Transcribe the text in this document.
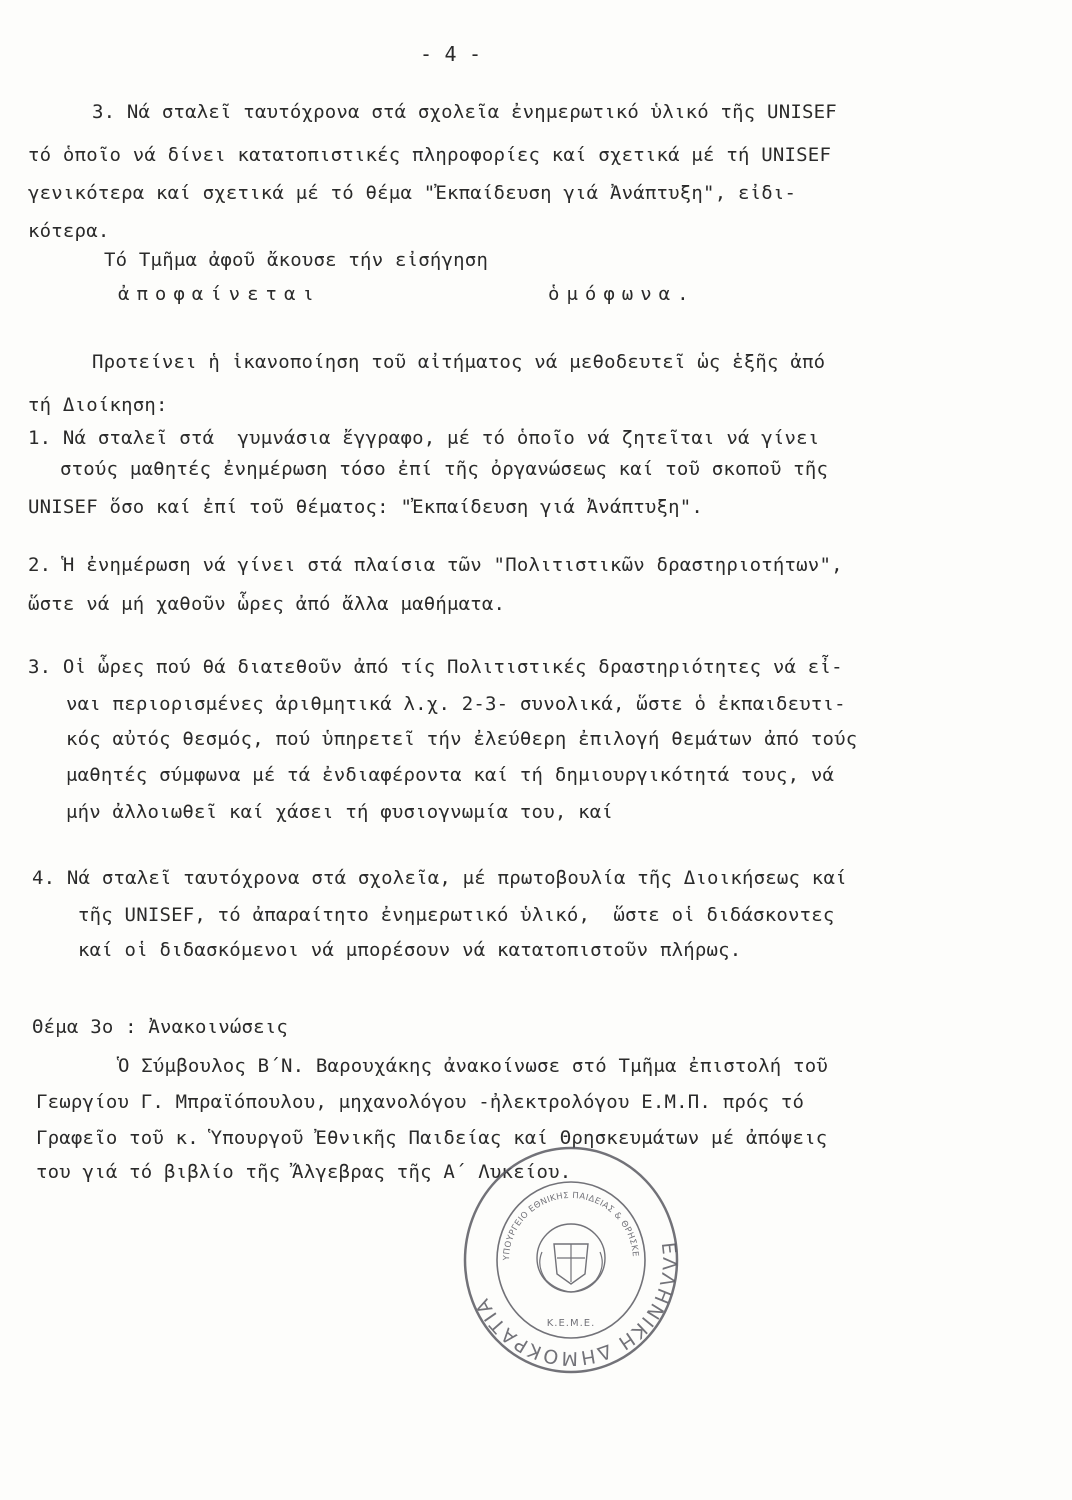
- 4 -
3. Νά σταλεῖ ταυτόχρονα στά σχολεῖα ἐνημερωτικό ὑλικό τῆς UNISEF
τό ὁποῖο νά δίνει κατατοπιστικές πληροφορίες καί σχετικά μέ τή UNISEF
γενικότερα καί σχετικά μέ τό θέμα "Ἐκπαίδευση γιά Ἀνάπτυξη", εἰδι-
κότερα.
Τό Τμῆμα ἀφοῦ ἄκουσε τήν εἰσήγηση
ἀποφαίνεται	ὁμόφωνα.
Προτείνει ἡ ἱκανοποίηση τοῦ αἰτήματος νά μεθοδευτεῖ ὡς ἑξῆς ἀπό
τή Διοίκηση:
1. Νά σταλεῖ στά  γυμνάσια ἔγγραφο, μέ τό ὁποῖο νά ζητεῖται νά γίνει
στούς μαθητές ἐνημέρωση τόσο ἐπί τῆς ὀργανώσεως καί τοῦ σκοποῦ τῆς
UNISEF ὅσο καί ἐπί τοῦ θέματος: "Ἐκπαίδευση γιά Ἀνάπτυξη".
2. Ἡ ἐνημέρωση νά γίνει στά πλαίσια τῶν "Πολιτιστικῶν δραστηριοτήτων",
ὥστε νά μή χαθοῦν ὧρες ἀπό ἄλλα μαθήματα.
3. Οἱ ὧρες πού θά διατεθοῦν ἀπό τίς Πολιτιστικές δραστηριότητες νά εἶ-
ναι περιορισμένες ἀριθμητικά λ.χ. 2-3- συνολικά, ὥστε ὁ ἐκπαιδευτι-
κός αὐτός θεσμός, πού ὑπηρετεῖ τήν ἐλεύθερη ἐπιλογή θεμάτων ἀπό τούς
μαθητές σύμφωνα μέ τά ἐνδιαφέροντα καί τή δημιουργικότητά τους, νά
μήν ἀλλοιωθεῖ καί χάσει τή φυσιογνωμία του, καί
4. Νά σταλεῖ ταυτόχρονα στά σχολεῖα, μέ πρωτοβουλία τῆς Διοικήσεως καί
τῆς UNISEF, τό ἀπαραίτητο ἐνημερωτικό ὑλικό,  ὥστε οἱ διδάσκοντες
καί οἱ διδασκόμενοι νά μπορέσουν νά κατατοπιστοῦν πλήρως.
Θέμα 3ο : Ἀνακοινώσεις
Ὁ Σύμβουλος Β΄Ν. Βαρουχάκης ἀνακοίνωσε στό Τμῆμα ἐπιστολή τοῦ
Γεωργίου Γ. Μπραϊόπουλου, μηχανολόγου -ἠλεκτρολόγου Ε.Μ.Π. πρός τό
Γραφεῖο τοῦ κ. Ὑπουργοῦ Ἐθνικῆς Παιδείας καί Θρησκευμάτων μέ ἀπόψεις
του γιά τό βιβλίο τῆς Ἄλγεβρας τῆς Α΄ Λυκείου.
ΕΛΛΗΝΙΚΗ ΔΗΜΟΚΡΑΤΙΑ
ΥΠΟΥΡΓΕΙΟ ΕΘΝΙΚΗΣ ΠΑΙΔΕΙΑΣ & ΘΡΗΣΚΕΥΜΑΤΩΝ
Κ.Ε.Μ.Ε.
